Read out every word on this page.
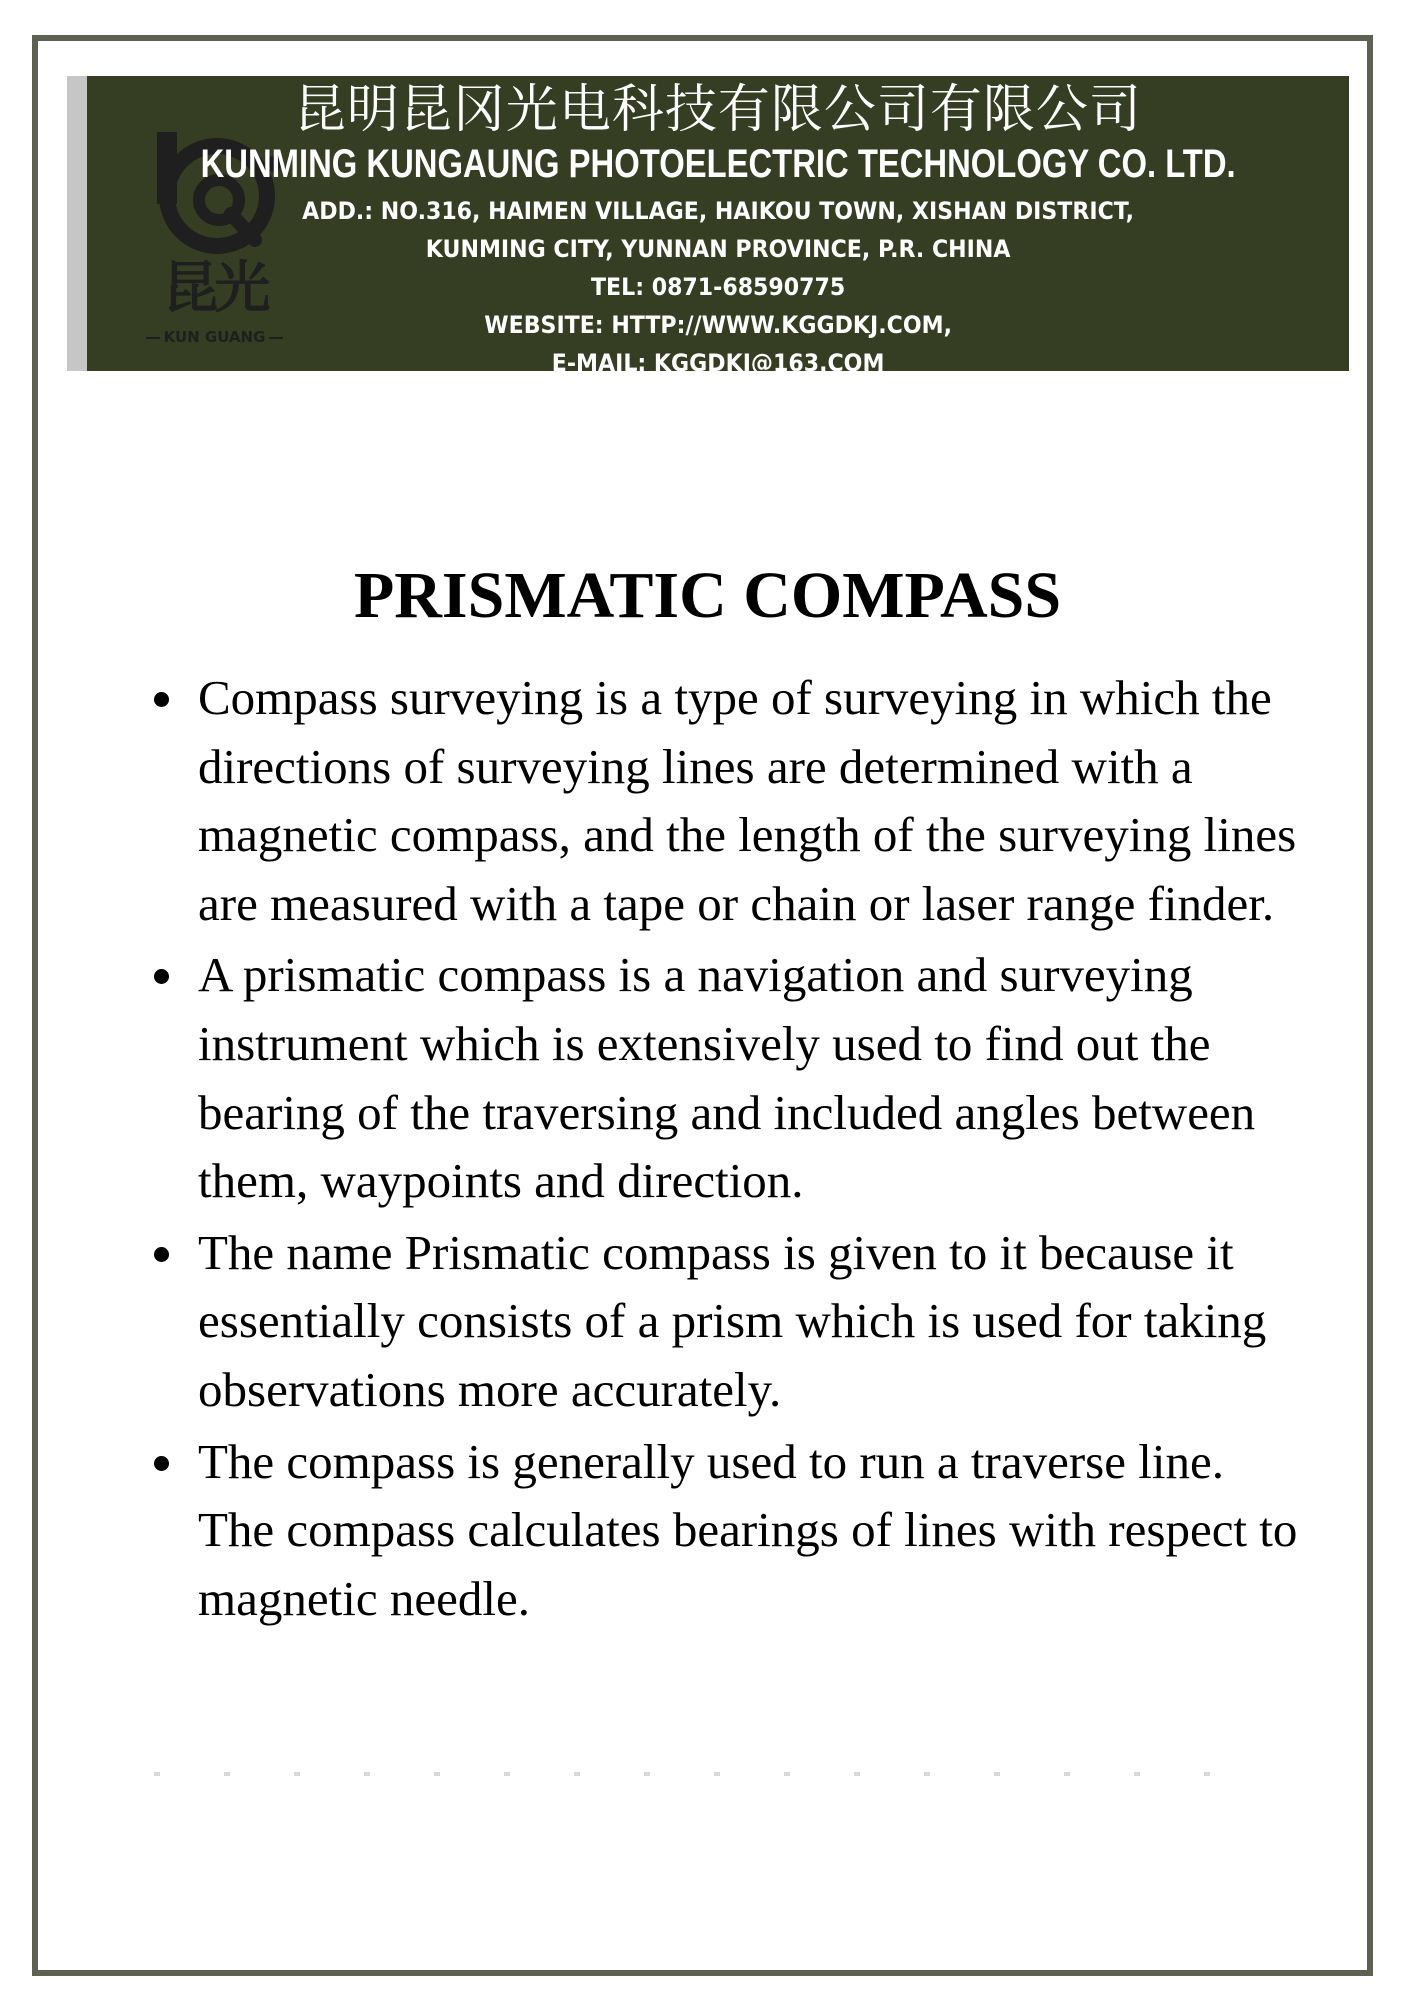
昆光
KUN GUANG
昆明昆冈光电科技有限公司有限公司
KUNMING KUNGAUNG PHOTOELECTRIC TECHNOLOGY CO. LTD.
ADD.: NO.316, HAIMEN VILLAGE, HAIKOU TOWN, XISHAN DISTRICT,
KUNMING CITY, YUNNAN PROVINCE, P.R. CHINA
TEL: 0871-68590775
WEBSITE: HTTP://WWW.KGGDKJ.COM,
E-MAIL: KGGDKJ@163.COM
PRISMATIC COMPASS
Compass surveying is a type of surveying in which the directions of surveying lines are determined with a magnetic compass, and the length of the surveying lines are measured with a tape or chain or laser range finder.
A prismatic compass is a navigation and surveying instrument which is extensively used to find out the bearing of the traversing and included angles between them, waypoints and direction.
The name Prismatic compass is given to it because it essentially consists of a prism which is used for taking observations more accurately.
The compass is generally used to run a traverse line. The compass calculates bearings of lines with respect to magnetic needle.
